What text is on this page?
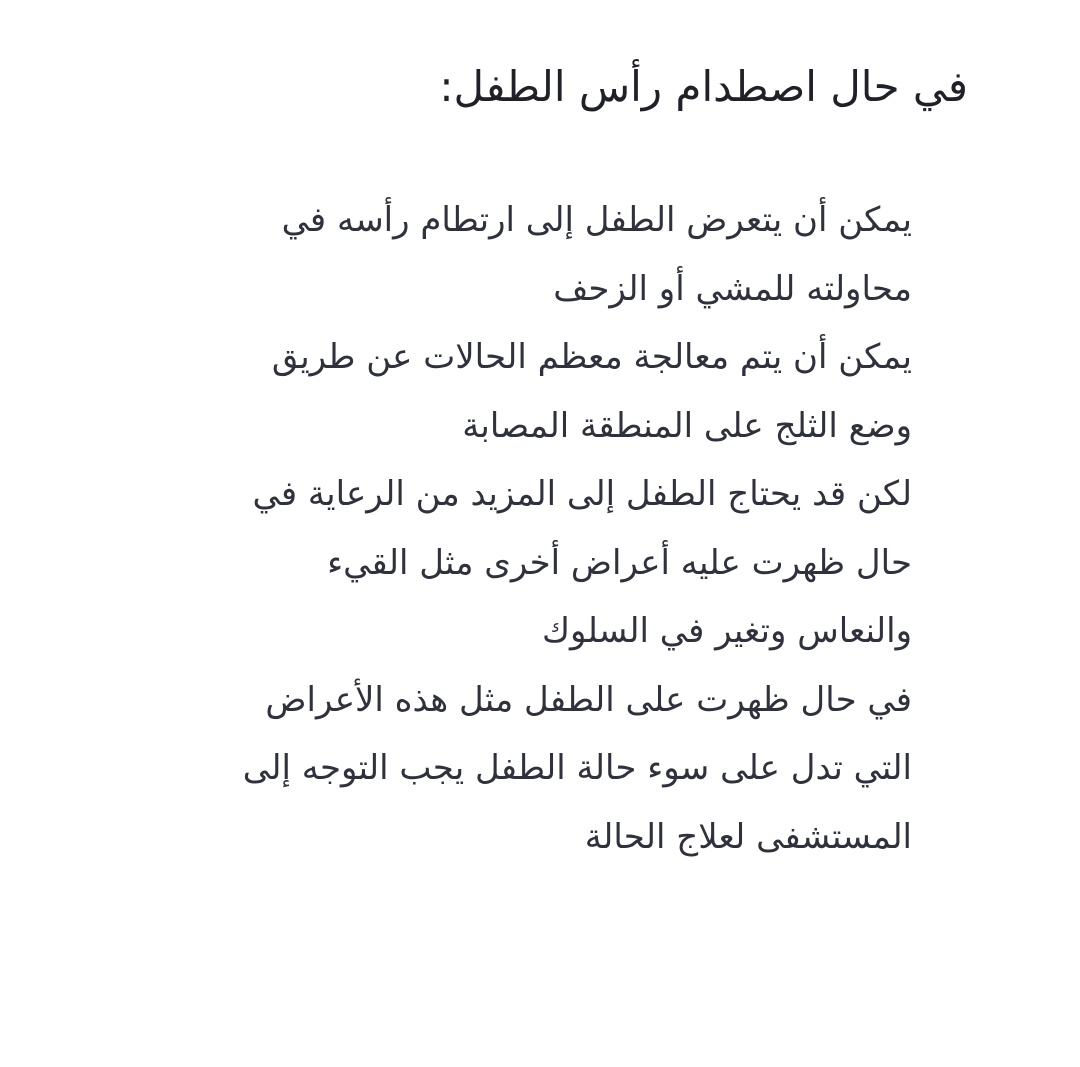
في حال اصطدام رأس الطفل:
يمكن أن يتعرض الطفل إلى ارتطام رأسه في
محاولته للمشي أو الزحف
يمكن أن يتم معالجة معظم الحالات عن طريق
وضع الثلج على المنطقة المصابة
لكن قد يحتاج الطفل إلى المزيد من الرعاية في
حال ظهرت عليه أعراض أخرى مثل القيء
والنعاس وتغير في السلوك
في حال ظهرت على الطفل مثل هذه الأعراض
التي تدل على سوء حالة الطفل يجب التوجه إلى
المستشفى لعلاج الحالة
